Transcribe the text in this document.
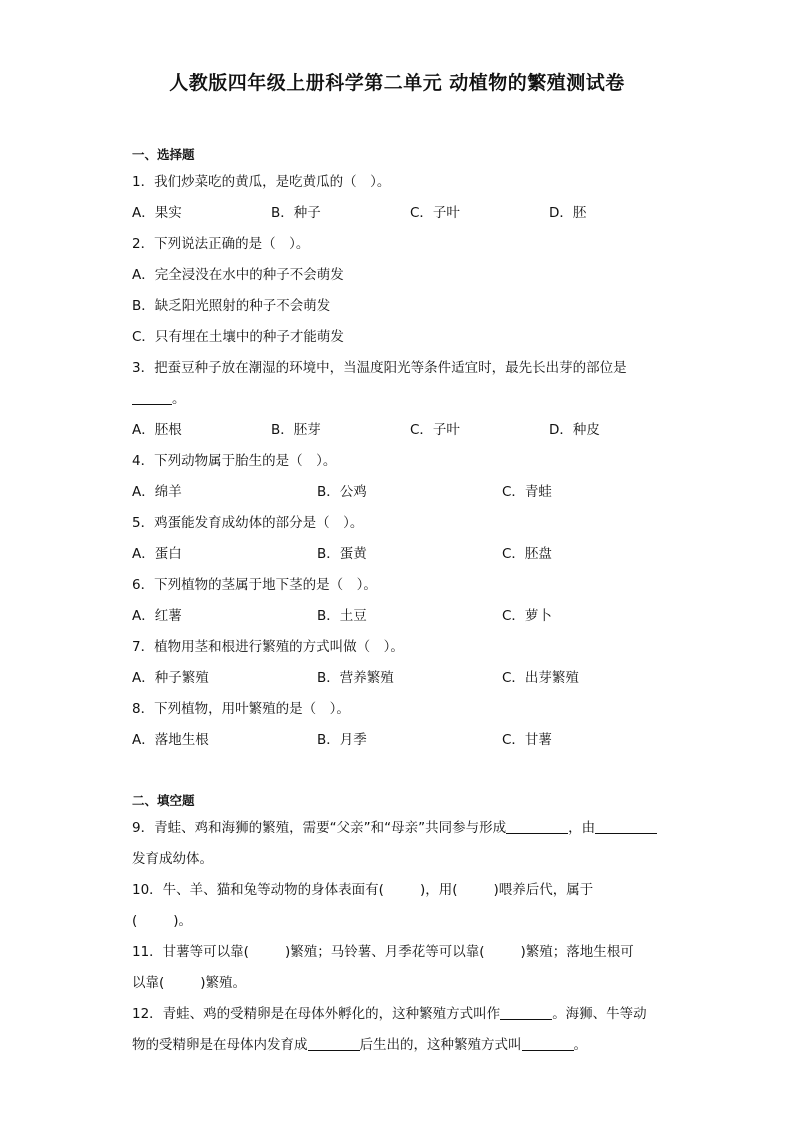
人教版四年级上册科学第二单元 动植物的繁殖测试卷
一、选择题
1．我们炒菜吃的黄瓜，是吃黄瓜的（　）。
A．果实	B．种子	C．子叶	D．胚
2．下列说法正确的是（　）。
A．完全浸没在水中的种子不会萌发
B．缺乏阳光照射的种子不会萌发
C．只有埋在土壤中的种子才能萌发
3．把蚕豆种子放在潮湿的环境中，当温度阳光等条件适宜时，最先长出芽的部位是
。
A．胚根	B．胚芽	C．子叶	D．种皮
4．下列动物属于胎生的是（　）。
A．绵羊	B．公鸡	C．青蛙
5．鸡蛋能发育成幼体的部分是（　）。
A．蛋白	B．蛋黄	C．胚盘
6．下列植物的茎属于地下茎的是（　）。
A．红薯	B．土豆	C．萝卜
7．植物用茎和根进行繁殖的方式叫做（　）。
A．种子繁殖	B．营养繁殖	C．出芽繁殖
8．下列植物，用叶繁殖的是（　）。
A．落地生根	B．月季	C．甘薯
二、填空题
9．青蛙、鸡和海狮的繁殖，需要“父亲”和“母亲”共同参与形成	，由
发育成幼体。
10．牛、羊、猫和兔等动物的身体表面有(	)，用(	)喂养后代，属于
(	)。
11．甘薯等可以靠(	)繁殖；马铃薯、月季花等可以靠(	)繁殖；落地生根可
以靠(	)繁殖。
12．青蛙、鸡的受精卵是在母体外孵化的，这种繁殖方式叫作	。海狮、牛等动
物的受精卵是在母体内发育成	后生出的，这种繁殖方式叫	。
